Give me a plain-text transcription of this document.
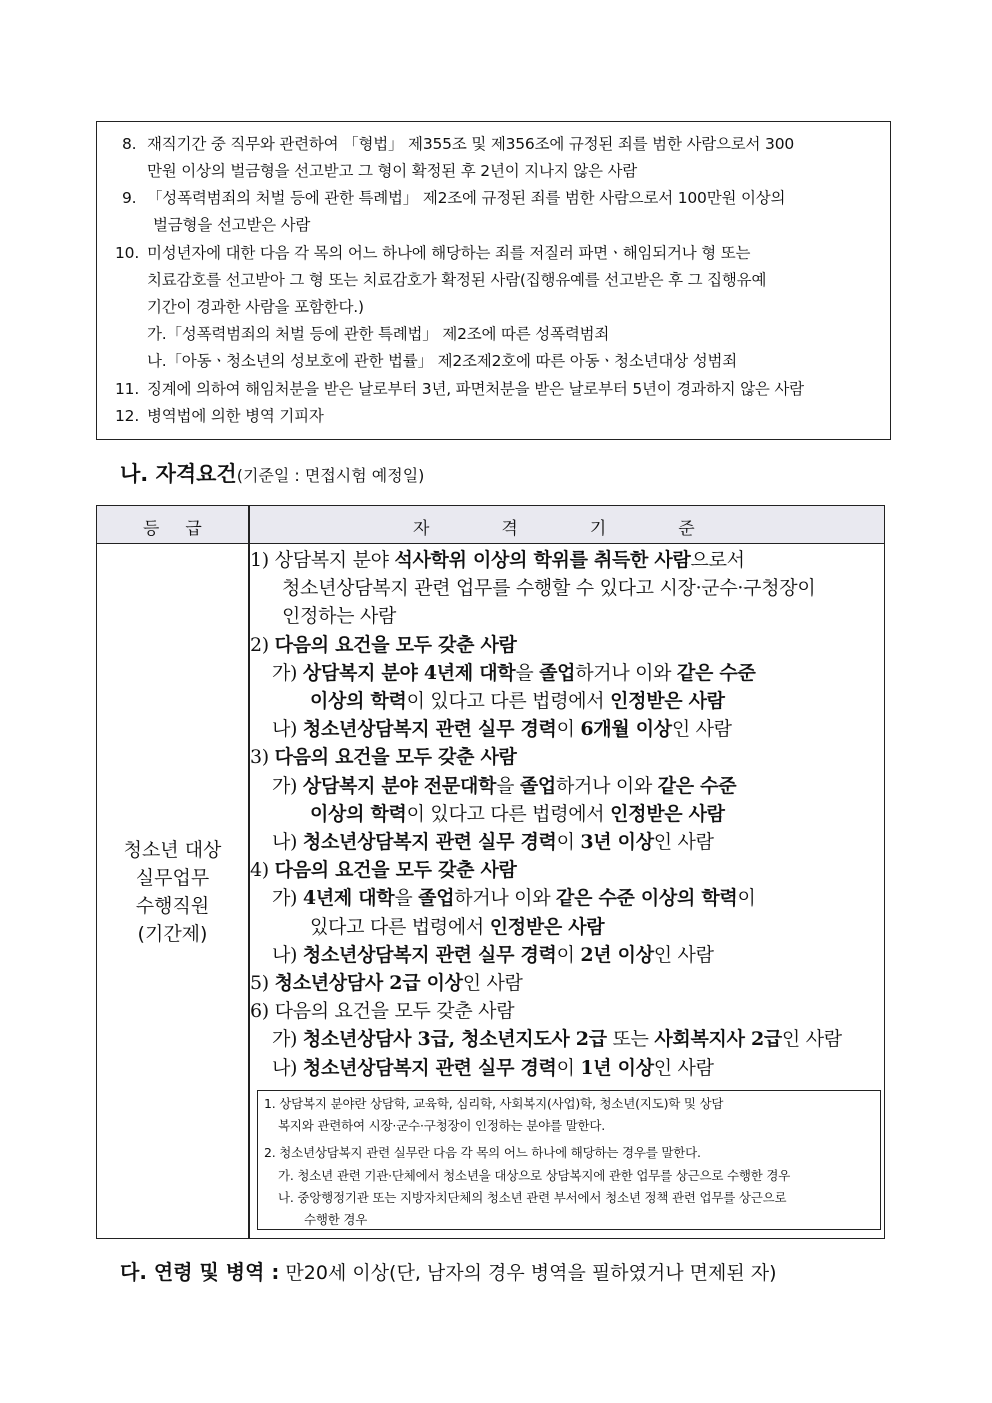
8. 재직기간 중 직무와 관련하여 「형법」 제355조 및 제356조에 규정된 죄를 범한 사람으로서 300
만원 이상의 벌금형을 선고받고 그 형이 확정된 후 2년이 지나지 않은 사람
9. 「성폭력범죄의 처벌 등에 관한 특례법」 제2조에 규정된 죄를 범한 사람으로서 100만원 이상의
벌금형을 선고받은 사람
10. 미성년자에 대한 다음 각 목의 어느 하나에 해당하는 죄를 저질러 파면ㆍ해임되거나 형 또는
치료감호를 선고받아 그 형 또는 치료감호가 확정된 사람(집행유예를 선고받은 후 그 집행유예
기간이 경과한 사람을 포함한다.)
가.「성폭력범죄의 처벌 등에 관한 특례법」 제2조에 따른 성폭력범죄
나.「아동ㆍ청소년의 성보호에 관한 법률」 제2조제2호에 따른 아동ㆍ청소년대상 성범죄
11. 징계에 의하여 해임처분을 받은 날로부터 3년, 파면처분을 받은 날로부터 5년이 경과하지 않은 사람
12. 병역법에 의한 병역 기피자
나. 자격요건(기준일 : 면접시험 예정일)
등급	자격기준
청소년 대상
실무업무
수행직원
(기간제)
1) 상담복지 분야 석사학위 이상의 학위를 취득한 사람으로서
청소년상담복지 관련 업무를 수행할 수 있다고 시장·군수·구청장이
인정하는 사람
2) 다음의 요건을 모두 갖춘 사람
가) 상담복지 분야 4년제 대학을 졸업하거나 이와 같은 수준
이상의 학력이 있다고 다른 법령에서 인정받은 사람
나) 청소년상담복지 관련 실무 경력이 6개월 이상인 사람
3) 다음의 요건을 모두 갖춘 사람
가) 상담복지 분야 전문대학을 졸업하거나 이와 같은 수준
이상의 학력이 있다고 다른 법령에서 인정받은 사람
나) 청소년상담복지 관련 실무 경력이 3년 이상인 사람
4) 다음의 요건을 모두 갖춘 사람
가) 4년제 대학을 졸업하거나 이와 같은 수준 이상의 학력이
있다고 다른 법령에서 인정받은 사람
나) 청소년상담복지 관련 실무 경력이 2년 이상인 사람
5) 청소년상담사 2급 이상인 사람
6) 다음의 요건을 모두 갖춘 사람
가) 청소년상담사 3급, 청소년지도사 2급 또는 사회복지사 2급인 사람
나) 청소년상담복지 관련 실무 경력이 1년 이상인 사람
1. 상담복지 분야란 상담학, 교육학, 심리학, 사회복지(사업)학, 청소년(지도)학 및 상담
복지와 관련하여 시장·군수·구청장이 인정하는 분야를 말한다.
2. 청소년상담복지 관련 실무란 다음 각 목의 어느 하나에 해당하는 경우를 말한다.
가. 청소년 관련 기관·단체에서 청소년을 대상으로 상담복지에 관한 업무를 상근으로 수행한 경우
나. 중앙행정기관 또는 지방자치단체의 청소년 관련 부서에서 청소년 정책 관련 업무를 상근으로
수행한 경우
다. 연령 및 병역 : 만20세 이상(단, 남자의 경우 병역을 필하였거나 면제된 자)
